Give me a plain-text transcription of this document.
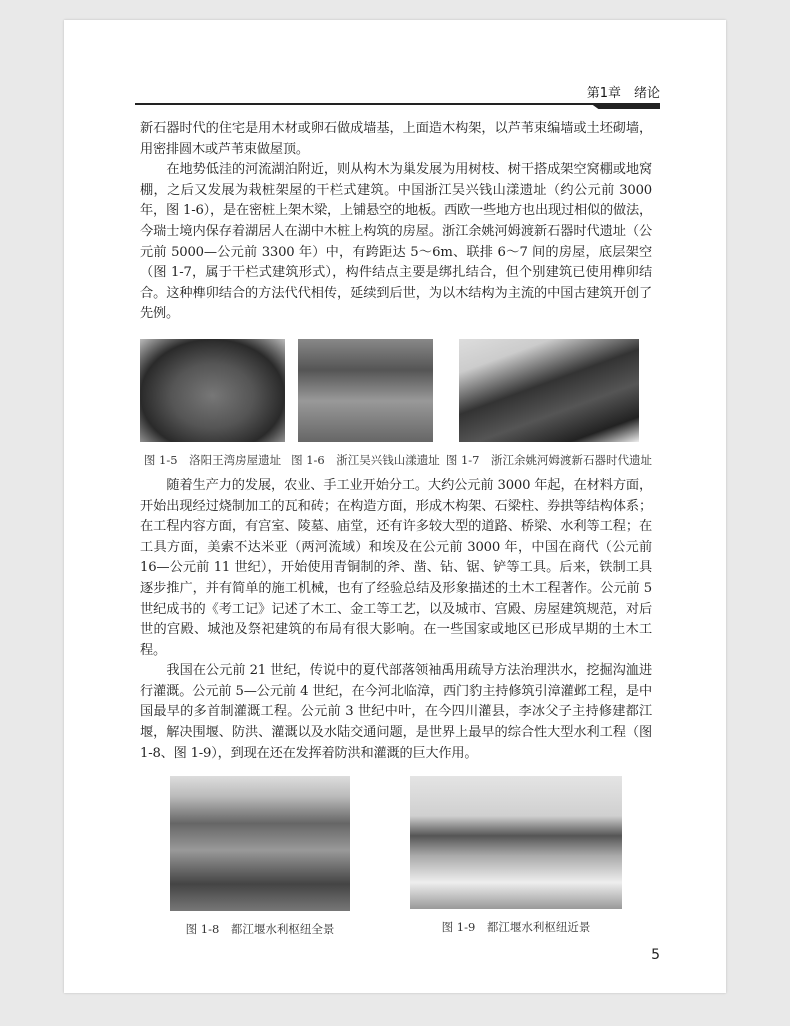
第1章　绪论

新石器时代的住宅是用木材或卵石做成墙基，上面造木构架，以芦苇束编墙或土坯砌墙，用密排圆木或芦苇束做屋顶。

在地势低洼的河流湖泊附近，则从构木为巢发展为用树枝、树干搭成架空窝棚或地窝棚，之后又发展为栽桩架屋的干栏式建筑。中国浙江吴兴钱山漾遗址（约公元前 3000 年，图 1-6），是在密桩上架木梁，上铺悬空的地板。西欧一些地方也出现过相似的做法，今瑞士境内保存着湖居人在湖中木桩上构筑的房屋。浙江余姚河姆渡新石器时代遗址（公元前 5000—公元前 3300 年）中，有跨距达 5～6m、联排 6～7 间的房屋，底层架空（图 1-7，属于干栏式建筑形式），构件结点主要是绑扎结合，但个别建筑已使用榫卯结合。这种榫卯结合的方法代代相传，延续到后世，为以木结构为主流的中国古建筑开创了先例。

图 1-5　洛阳王湾房屋遗址 图 1-6　浙江吴兴钱山漾遗址 图 1-7　浙江余姚河姆渡新石器时代遗址

随着生产力的发展，农业、手工业开始分工。大约公元前 3000 年起，在材料方面，开始出现经过烧制加工的瓦和砖；在构造方面，形成木构架、石梁柱、券拱等结构体系；在工程内容方面，有宫室、陵墓、庙堂，还有许多较大型的道路、桥梁、水利等工程；在工具方面，美索不达米亚（两河流域）和埃及在公元前 3000 年，中国在商代（公元前 16—公元前 11 世纪），开始使用青铜制的斧、凿、钻、锯、铲等工具。后来，铁制工具逐步推广，并有简单的施工机械，也有了经验总结及形象描述的土木工程著作。公元前 5 世纪成书的《考工记》记述了木工、金工等工艺，以及城市、宫殿、房屋建筑规范，对后世的宫殿、城池及祭祀建筑的布局有很大影响。在一些国家或地区已形成早期的土木工程。

我国在公元前 21 世纪，传说中的夏代部落领袖禹用疏导方法治理洪水，挖掘沟洫进行灌溉。公元前 5—公元前 4 世纪，在今河北临漳，西门豹主持修筑引漳灌邺工程，是中国最早的多首制灌溉工程。公元前 3 世纪中叶，在今四川灌县，李冰父子主持修建都江堰，解决围堰、防洪、灌溉以及水陆交通问题，是世界上最早的综合性大型水利工程（图 1-8、图 1-9），到现在还在发挥着防洪和灌溉的巨大作用。

图 1-8　都江堰水利枢纽全景	图 1-9　都江堰水利枢纽近景
5
